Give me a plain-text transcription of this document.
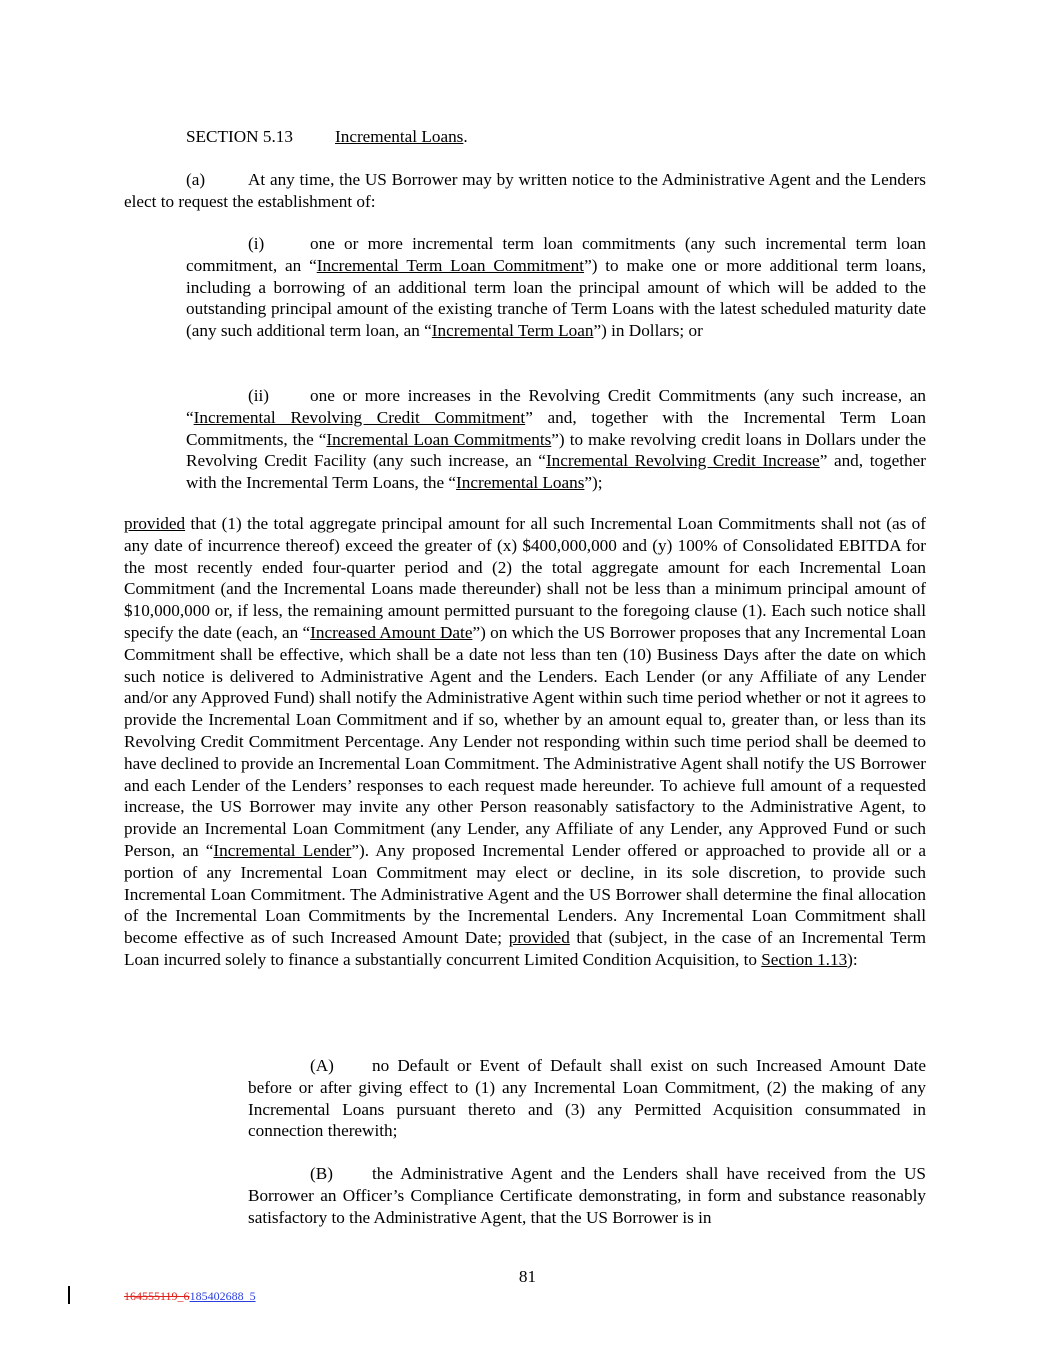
SECTION 5.13 Incremental Loans.

(a) At any time, the US Borrower may by written notice to the Administrative Agent and the Lenders elect to request the establishment of:

(i)	one or more incremental term loan commitments (any such incremental term loan commitment, an “Incremental Term Loan Commitment”) to make one or more additional term loans, including a borrowing of an additional term loan the principal amount of which will be added to the outstanding principal amount of the existing tranche of Term Loans with the latest scheduled maturity date (any such additional term loan, an “Incremental Term Loan”) in Dollars; or

(ii) one or more increases in the Revolving Credit Commitments (any such increase, an “Incremental Revolving Credit Commitment” and, together with the Incremental Term Loan Commitments, the “Incremental Loan Commitments”) to make revolving credit loans in Dollars under the Revolving Credit Facility (any such increase, an “Incremental Revolving Credit Increase” and, together with the Incremental Term Loans, the “Incremental Loans”);

provided that (1) the total aggregate principal amount for all such Incremental Loan Commitments shall not (as of any date of incurrence thereof) exceed the greater of (x) $400,000,000 and (y) 100% of Consolidated EBITDA for the most recently ended four-quarter period and (2) the total aggregate amount for each Incremental Loan Commitment (and the Incremental Loans made thereunder) shall not be less than a minimum principal amount of $10,000,000 or, if less, the remaining amount permitted pursuant to the foregoing clause (1). Each such notice shall specify the date (each, an “Increased Amount Date”) on which the US Borrower proposes that any Incremental Loan Commitment shall be effective, which shall be a date not less than ten (10) Business Days after the date on which such notice is delivered to Administrative Agent and the Lenders. Each Lender (or any Affiliate of any Lender and/or any Approved Fund) shall notify the Administrative Agent within such time period whether or not it agrees to provide the Incremental Loan Commitment and if so, whether by an amount equal to, greater than, or less than its Revolving Credit Commitment Percentage. Any Lender not responding within such time period shall be deemed to have declined to provide an Incremental Loan Commitment. The Administrative Agent shall notify the US Borrower and each Lender of the Lenders’ responses to each request made hereunder. To achieve full amount of a requested increase, the US Borrower may invite any other Person reasonably satisfactory to the Administrative Agent, to provide an Incremental Loan Commitment (any Lender, any Affiliate of any Lender, any Approved Fund or such Person, an “Incremental Lender”). Any proposed Incremental Lender offered or approached to provide all or a portion of any Incremental Loan Commitment may elect or decline, in its sole discretion, to provide such Incremental Loan Commitment. The Administrative Agent and the US Borrower shall determine the final allocation of the Incremental Loan Commitments by the Incremental Lenders. Any Incremental Loan Commitment shall become effective as of such Increased Amount Date; provided that (subject, in the case of an Incremental Term Loan incurred solely to finance a substantially concurrent Limited Condition Acquisition, to Section 1.13):

(A) no Default or Event of Default shall exist on such Increased Amount Date before or after giving effect to (1) any Incremental Loan Commitment, (2) the making of any Incremental Loans pursuant thereto and (3) any Permitted Acquisition consummated in connection therewith;

(B) the Administrative Agent and the Lenders shall have received from the US Borrower an Officer’s Compliance Certificate demonstrating, in form and substance reasonably satisfactory to the Administrative Agent, that the US Borrower is in

81

164555119_6185402688_5
